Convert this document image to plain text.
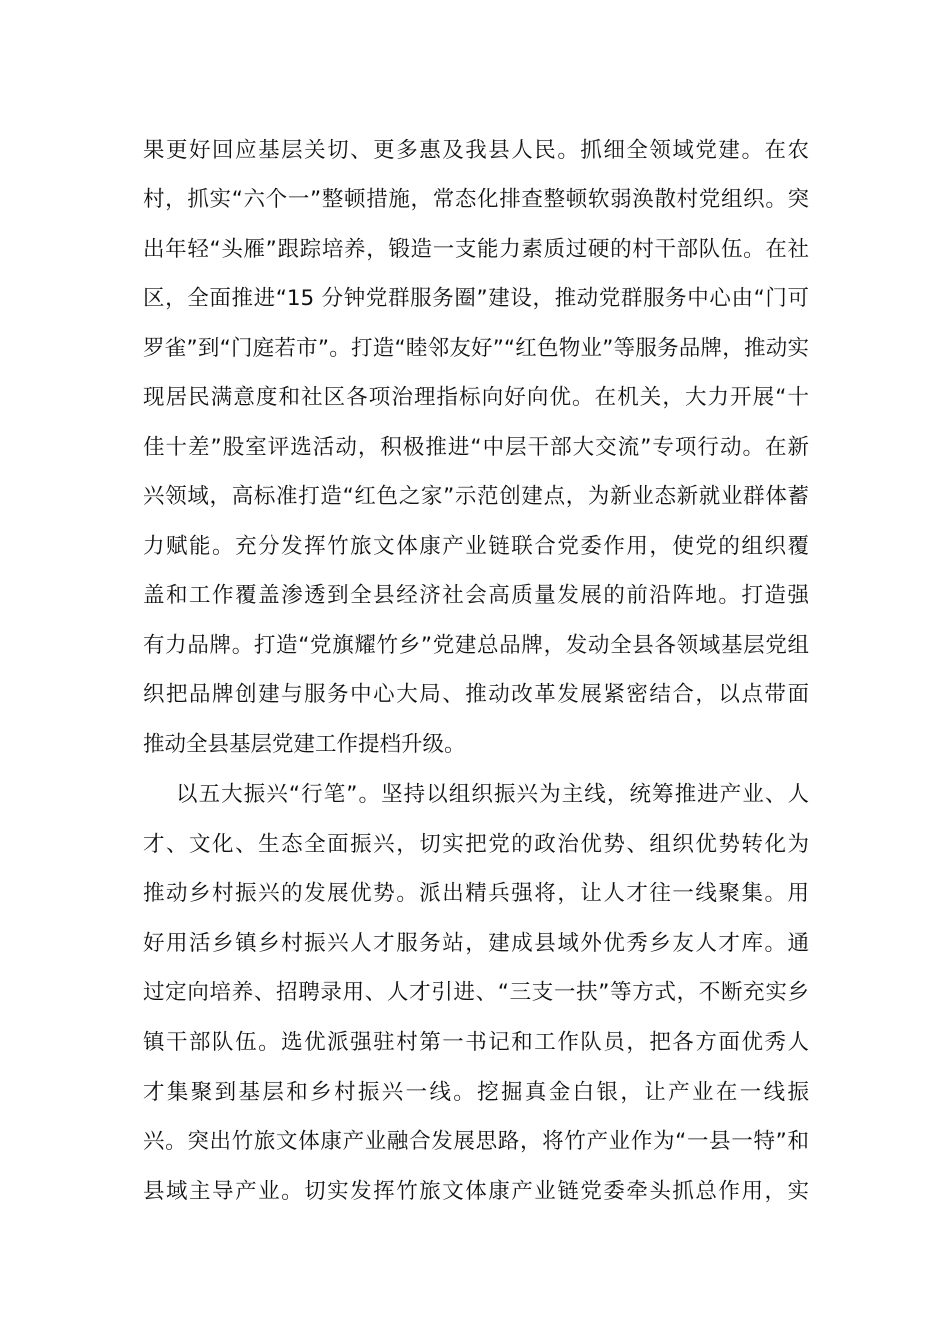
果更好回应基层关切、更多惠及我县人民。抓细全领域党建。在农
村，抓实“六个一”整顿措施，常态化排查整顿软弱涣散村党组织。突
出年轻“头雁”跟踪培养，锻造一支能力素质过硬的村干部队伍。在社
区，全面推进“15 分钟党群服务圈”建设，推动党群服务中心由“门可
罗雀”到“门庭若市”。打造“睦邻友好”“红色物业”等服务品牌，推动实
现居民满意度和社区各项治理指标向好向优。在机关，大力开展“十
佳十差”股室评选活动，积极推进“中层干部大交流”专项行动。在新
兴领域，高标准打造“红色之家”示范创建点，为新业态新就业群体蓄
力赋能。充分发挥竹旅文体康产业链联合党委作用，使党的组织覆
盖和工作覆盖渗透到全县经济社会高质量发展的前沿阵地。打造强
有力品牌。打造“党旗耀竹乡”党建总品牌，发动全县各领域基层党组
织把品牌创建与服务中心大局、推动改革发展紧密结合，以点带面
推动全县基层党建工作提档升级。
以五大振兴“行笔”。坚持以组织振兴为主线，统筹推进产业、人
才、文化、生态全面振兴，切实把党的政治优势、组织优势转化为
推动乡村振兴的发展优势。派出精兵强将，让人才往一线聚集。用
好用活乡镇乡村振兴人才服务站，建成县域外优秀乡友人才库。通
过定向培养、招聘录用、人才引进、“三支一扶”等方式，不断充实乡
镇干部队伍。选优派强驻村第一书记和工作队员，把各方面优秀人
才集聚到基层和乡村振兴一线。挖掘真金白银，让产业在一线振
兴。突出竹旅文体康产业融合发展思路，将竹产业作为“一县一特”和
县域主导产业。切实发挥竹旅文体康产业链党委牵头抓总作用，实
